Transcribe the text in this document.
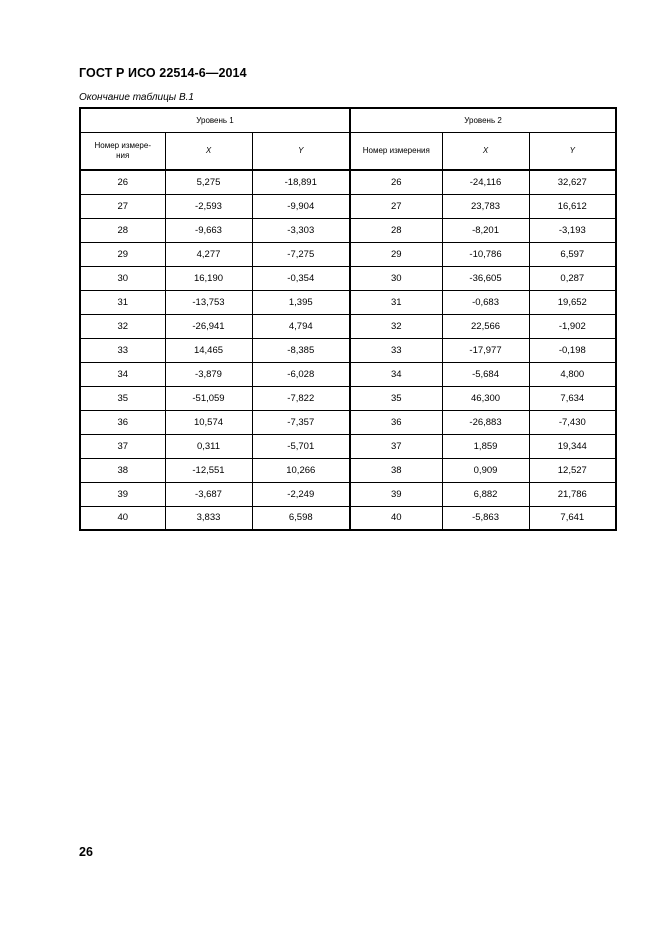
ГОСТ Р ИСО 22514-6—2014
Окончание таблицы В.1
Уровень 1			Уровень 2		
Номер измере-
ния	X	Y	Номер измерения	X	Y
26	5,275	-18,891	26	-24,116	32,627
27	-2,593	-9,904	27	23,783	16,612
28	-9,663	-3,303	28	-8,201	-3,193
29	4,277	-7,275	29	-10,786	6,597
30	16,190	-0,354	30	-36,605	0,287
31	-13,753	1,395	31	-0,683	19,652
32	-26,941	4,794	32	22,566	-1,902
33	14,465	-8,385	33	-17,977	-0,198
34	-3,879	-6,028	34	-5,684	4,800
35	-51,059	-7,822	35	46,300	7,634
36	10,574	-7,357	36	-26,883	-7,430
37	0,311	-5,701	37	1,859	19,344
38	-12,551	10,266	38	0,909	12,527
39	-3,687	-2,249	39	6,882	21,786
40	3,833	6,598	40	-5,863	7,641
26
